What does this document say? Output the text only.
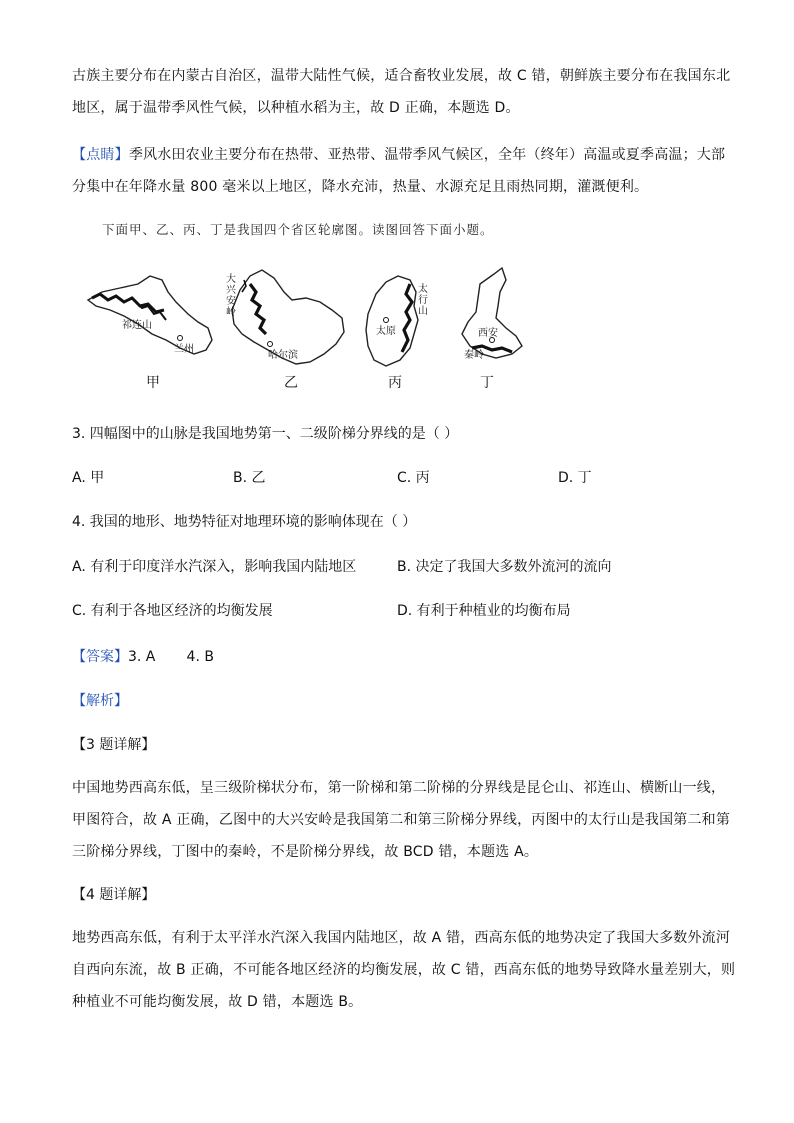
古族主要分布在内蒙古自治区，温带大陆性气候，适合畜牧业发展，故 C 错，朝鲜族主要分布在我国东北
地区，属于温带季风性气候，以种植水稻为主，故 D 正确，本题选 D。

【点睛】季风水田农业主要分布在热带、亚热带、温带季风气候区，全年（终年）高温或夏季高温；大部
分集中在年降水量 800 毫米以上地区，降水充沛，热量、水源充足且雨热同期，灌溉便利。

下面甲、乙、丙、丁是我国四个省区轮廓图。读图回答下面小题。
祁连山
兰州
大 兴 安 岭
哈尔滨
太原
太 行 山
西安
秦岭
甲	乙	丙	丁
3. 四幅图中的山脉是我国地势第一、二级阶梯分界线的是（ ）
A. 甲	B. 乙	C. 丙	D. 丁
4. 我国的地形、地势特征对地理环境的影响体现在（ ）
A. 有利于印度洋水汽深入，影响我国内陆地区	B. 决定了我国大多数外流河的流向
C. 有利于各地区经济的均衡发展	D. 有利于种植业的均衡布局
【答案】3. A       4. B
【解析】
【3 题详解】

中国地势西高东低，呈三级阶梯状分布，第一阶梯和第二阶梯的分界线是昆仑山、祁连山、横断山一线，
甲图符合，故 A 正确，乙图中的大兴安岭是我国第二和第三阶梯分界线，丙图中的太行山是我国第二和第
三阶梯分界线，丁图中的秦岭，不是阶梯分界线，故 BCD 错，本题选 A。

【4 题详解】

地势西高东低，有利于太平洋水汽深入我国内陆地区，故 A 错，西高东低的地势决定了我国大多数外流河
自西向东流，故 B 正确，不可能各地区经济的均衡发展，故 C 错，西高东低的地势导致降水量差别大，则
种植业不可能均衡发展，故 D 错，本题选 B。
